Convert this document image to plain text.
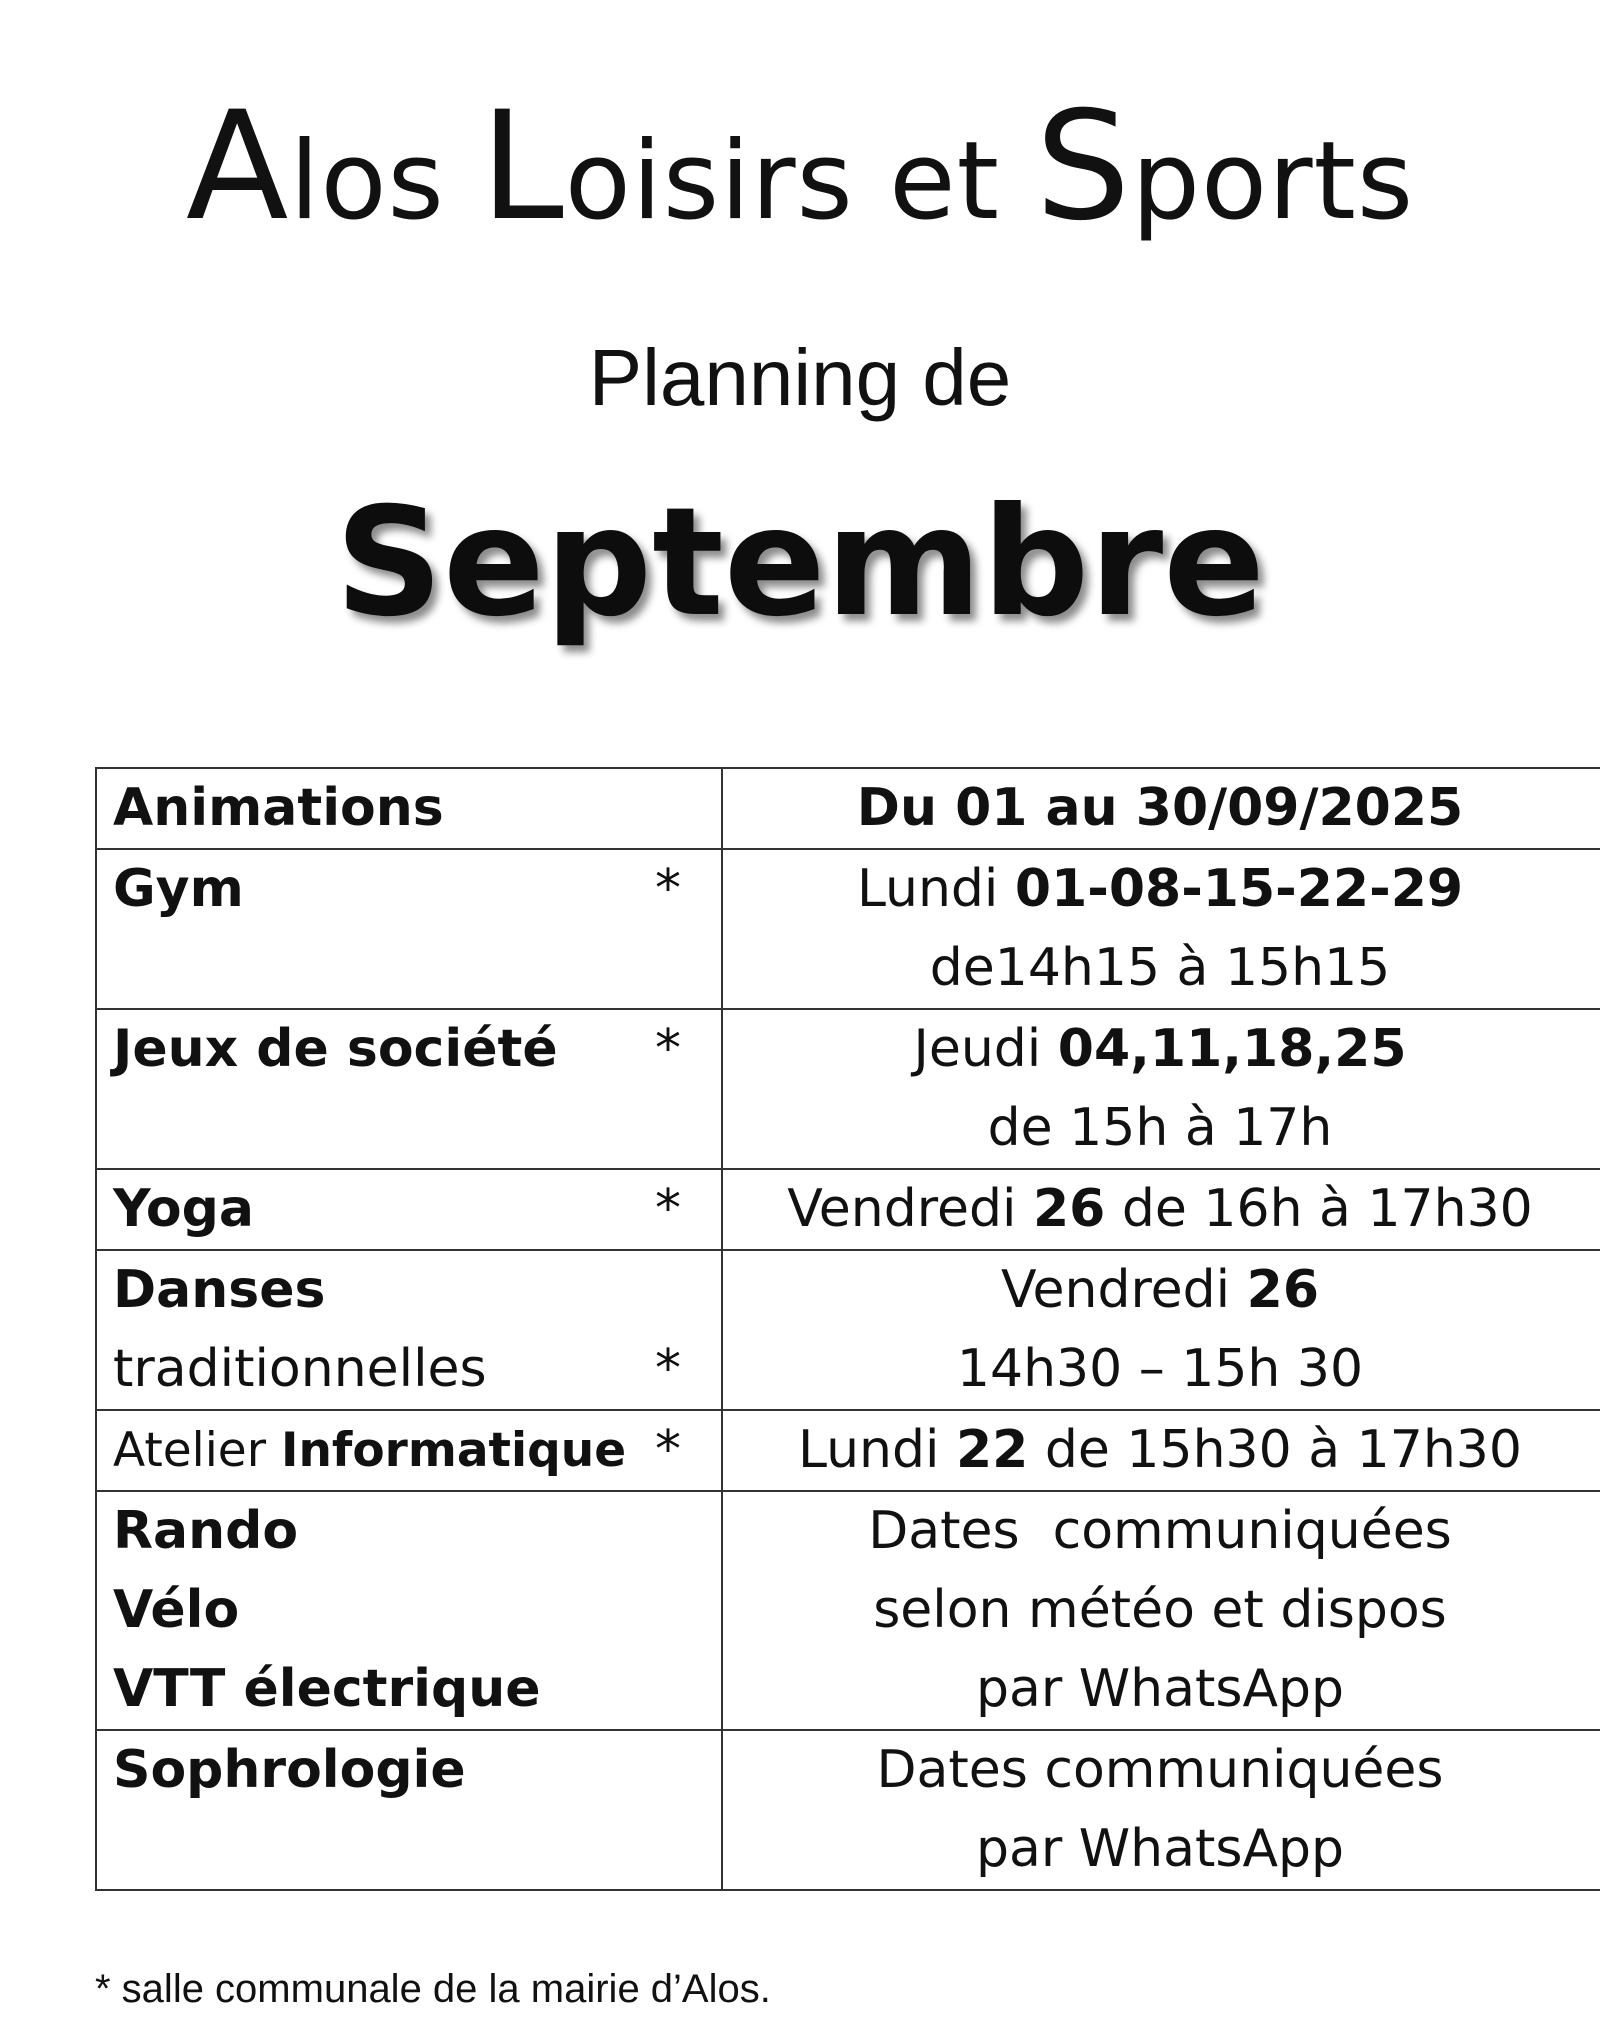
Alos Loisirs et Sports
Planning de
Septembre
Animations	Du 01 au 30/09/2025

Gym *	Lundi 01-08-15-22-29
de14h15 à 15h15

Jeux de société *	Jeudi 04,11,18,25
de 15h à 17h

Yoga *	Vendredi 26 de 16h à 17h30

Danses
traditionnelles *	Vendredi 26
14h30 – 15h 30

Atelier Informatique *	Lundi 22 de 15h30 à 17h30

Rando
Vélo
VTT électrique	Dates  communiquées
selon météo et dispos
par WhatsApp

Sophrologie	Dates communiquées
par WhatsApp
* salle communale de la mairie d’Alos.
